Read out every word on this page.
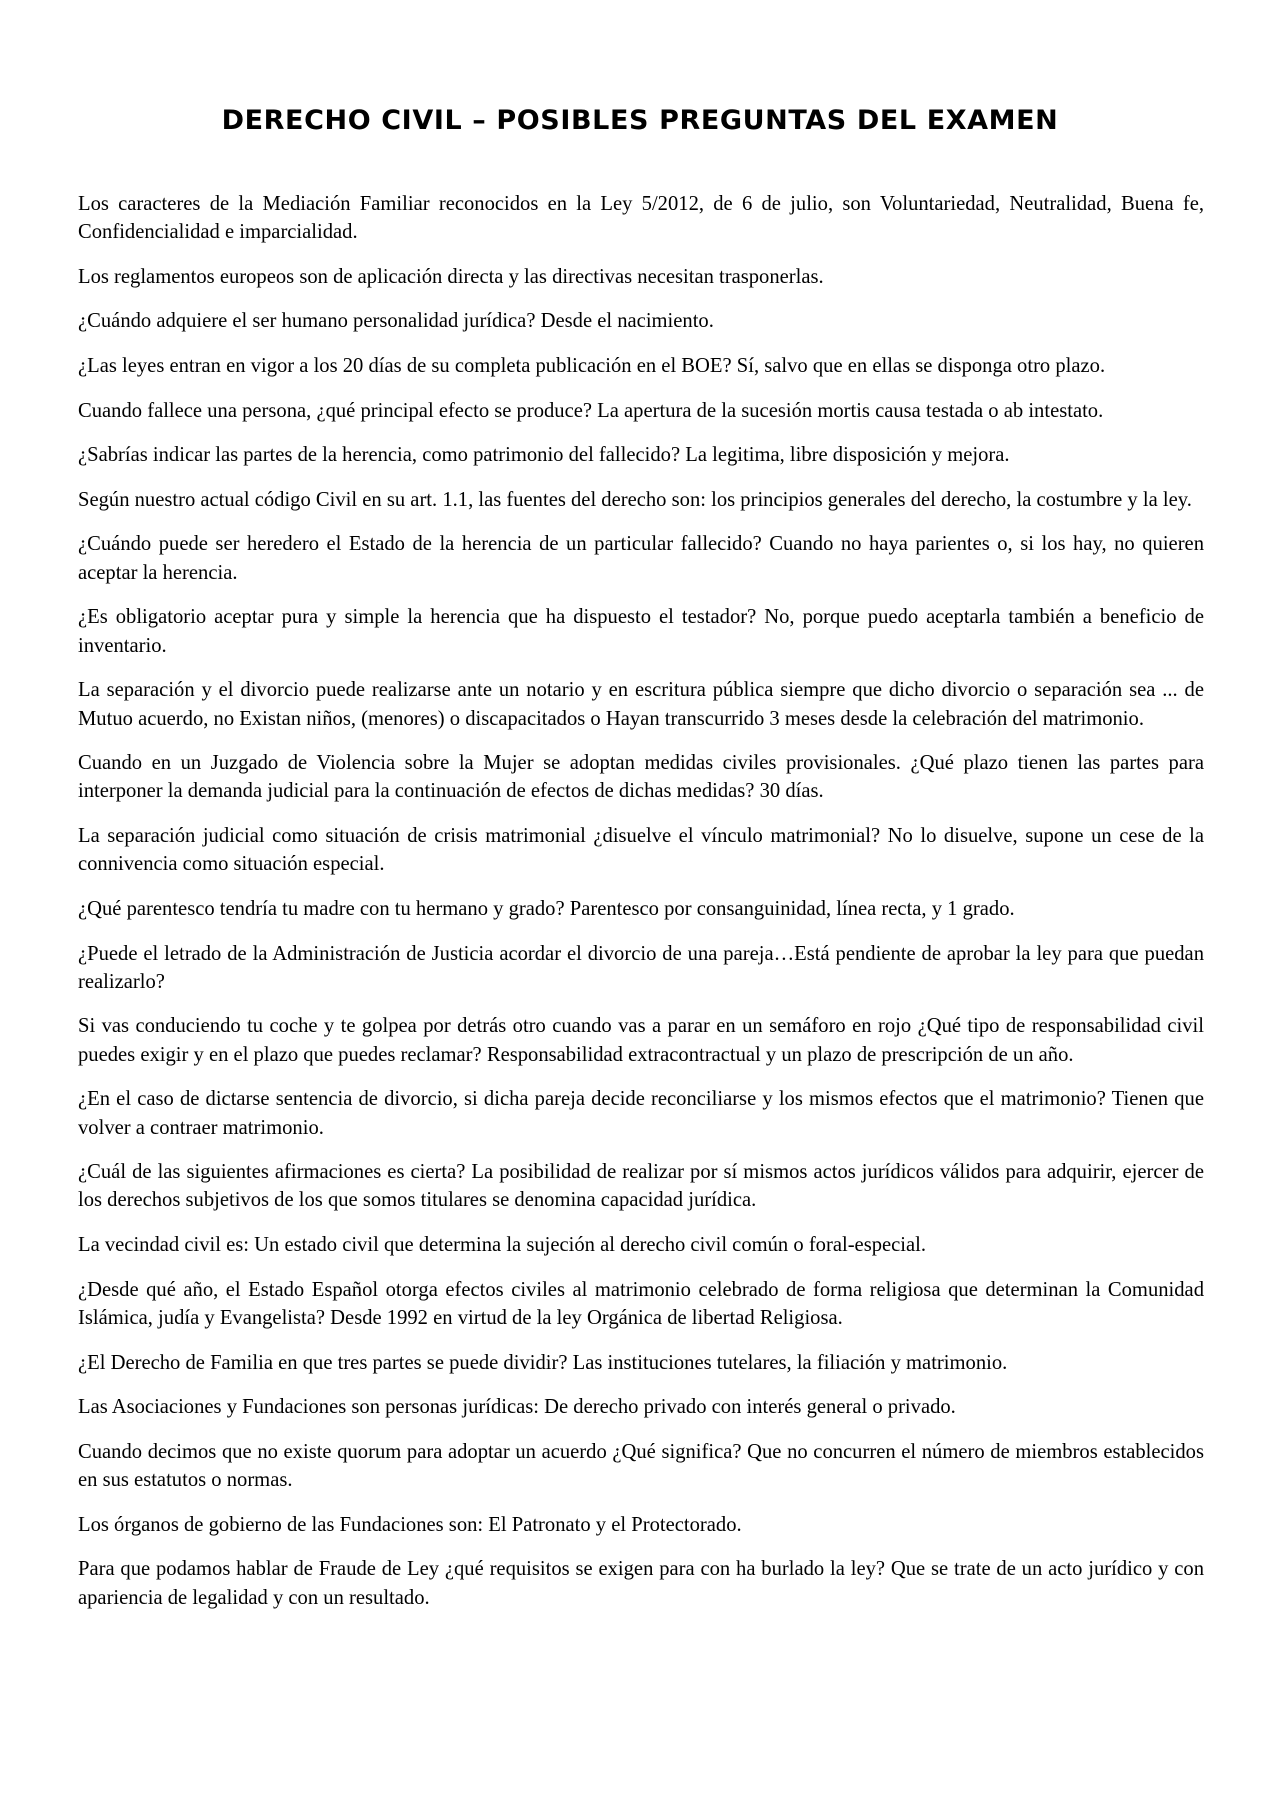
DERECHO CIVIL – POSIBLES PREGUNTAS DEL EXAMEN

Los caracteres de la Mediación Familiar reconocidos en la Ley 5/2012, de 6 de julio, son Voluntariedad, Neutralidad, Buena fe, Confidencialidad e imparcialidad.

Los reglamentos europeos son de aplicación directa y las directivas necesitan trasponerlas.

¿Cuándo adquiere el ser humano personalidad jurídica? Desde el nacimiento.

¿Las leyes entran en vigor a los 20 días de su completa publicación en el BOE? Sí, salvo que en ellas se disponga otro plazo.

Cuando fallece una persona, ¿qué principal efecto se produce? La apertura de la sucesión mortis causa testada o ab intestato.

¿Sabrías indicar las partes de la herencia, como patrimonio del fallecido? La legitima, libre disposición y mejora.

Según nuestro actual código Civil en su art. 1.1, las fuentes del derecho son: los principios generales del derecho, la costumbre y la ley.

¿Cuándo puede ser heredero el Estado de la herencia de un particular fallecido? Cuando no haya parientes o, si los hay, no quieren aceptar la herencia.

¿Es obligatorio aceptar pura y simple la herencia que ha dispuesto el testador? No, porque puedo aceptarla también a beneficio de inventario.

La separación y el divorcio puede realizarse ante un notario y en escritura pública siempre que dicho divorcio o separación sea ... de Mutuo acuerdo, no Existan niños, (menores) o discapacitados o Hayan transcurrido 3 meses desde la celebración del matrimonio.

Cuando en un Juzgado de Violencia sobre la Mujer se adoptan medidas civiles provisionales. ¿Qué plazo tienen las partes para interponer la demanda judicial para la continuación de efectos de dichas medidas? 30 días.

La separación judicial como situación de crisis matrimonial ¿disuelve el vínculo matrimonial? No lo disuelve, supone un cese de la connivencia como situación especial.

¿Qué parentesco tendría tu madre con tu hermano y grado? Parentesco por consanguinidad, línea recta, y 1 grado.

¿Puede el letrado de la Administración de Justicia acordar el divorcio de una pareja…Está pendiente de aprobar la ley para que puedan realizarlo?

Si vas conduciendo tu coche y te golpea por detrás otro cuando vas a parar en un semáforo en rojo ¿Qué tipo de responsabilidad civil puedes exigir y en el plazo que puedes reclamar? Responsabilidad extracontractual y un plazo de prescripción de un año.

¿En el caso de dictarse sentencia de divorcio, si dicha pareja decide reconciliarse y los mismos efectos que el matrimonio? Tienen que volver a contraer matrimonio.

¿Cuál de las siguientes afirmaciones es cierta? La posibilidad de realizar por sí mismos actos jurídicos válidos para adquirir, ejercer de los derechos subjetivos de los que somos titulares se denomina capacidad jurídica.

La vecindad civil es: Un estado civil que determina la sujeción al derecho civil común o foral-especial.

¿Desde qué año, el Estado Español otorga efectos civiles al matrimonio celebrado de forma religiosa que determinan la Comunidad Islámica, judía y Evangelista? Desde 1992 en virtud de la ley Orgánica de libertad Religiosa.

¿El Derecho de Familia en que tres partes se puede dividir? Las instituciones tutelares, la filiación y matrimonio.

Las Asociaciones y Fundaciones son personas jurídicas: De derecho privado con interés general o privado.

Cuando decimos que no existe quorum para adoptar un acuerdo ¿Qué significa? Que no concurren el número de miembros establecidos en sus estatutos o normas.

Los órganos de gobierno de las Fundaciones son: El Patronato y el Protectorado.

Para que podamos hablar de Fraude de Ley ¿qué requisitos se exigen para con ha burlado la ley? Que se trate de un acto jurídico y con apariencia de legalidad y con un resultado.
